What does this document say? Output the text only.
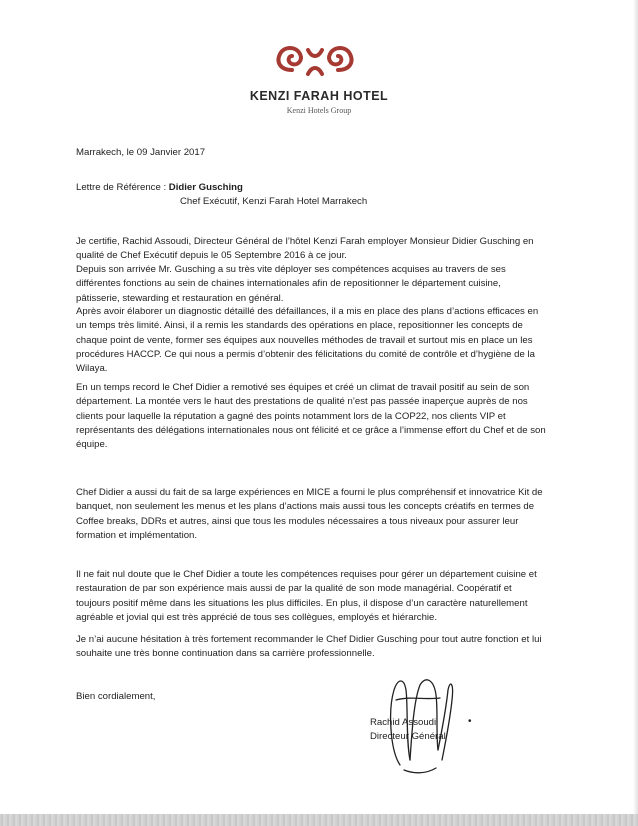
KENZI FARAH HOTEL
Kenzi Hotels Group
Marrakech, le 09 Janvier 2017
Lettre de Référence : Didier Gusching
Chef Exécutif, Kenzi Farah Hotel Marrakech
Je certifie, Rachid Assoudi, Directeur Général de l’hôtel Kenzi Farah employer Monsieur Didier Gusching en qualité de Chef Exécutif depuis le 05 Septembre 2016 à ce jour.
Depuis son arrivée Mr. Gusching a su très vite déployer ses compétences acquises au travers de ses différentes fonctions au sein de chaines internationales afin de repositionner le département cuisine, pâtisserie, stewarding et restauration en général.
Après avoir élaborer un diagnostic détaillé des défaillances, il a mis en place des plans d’actions efficaces en un temps très limité. Ainsi, il a remis les standards des opérations en place, repositionner les concepts de chaque point de vente, former ses équipes aux nouvelles méthodes de travail et surtout mis en place un les procédures HACCP. Ce qui nous a permis d’obtenir des félicitations du comité de contrôle et d’hygiène de la Wilaya.
En un temps record le Chef Didier a remotivé ses équipes et créé un climat de travail positif au sein de son département. La montée vers le haut des prestations de qualité n’est pas passée inaperçue auprès de nos clients pour laquelle la réputation a gagné des points notamment lors de la COP22, nos clients VIP et représentants des délégations internationales nous ont félicité et ce grâce a l’immense effort du Chef et de son équipe.
Chef Didier a aussi du fait de sa large expériences en MICE a fourni le plus compréhensif et innovatrice Kit de banquet, non seulement les menus et les plans d’actions mais aussi tous les concepts créatifs en termes de Coffee breaks, DDRs et autres, ainsi que tous les modules nécessaires a tous niveaux pour assurer leur formation et implémentation.
Il ne fait nul doute que le Chef Didier a toute les compétences requises pour gérer un département cuisine et restauration de par son expérience mais aussi de par la qualité de son mode managérial. Coopératif et toujours positif même dans les situations les plus difficiles. En plus, il dispose d’un caractère naturellement agréable et jovial qui est très apprécié de tous ses collègues, employés et hiérarchie.
Je n’ai aucune hésitation à très fortement recommander le Chef Didier Gusching pour tout autre fonction et lui souhaite une très bonne continuation dans sa carrière professionnelle.
Bien cordialement,
Rachid Assoudi
Directeur Général
•
